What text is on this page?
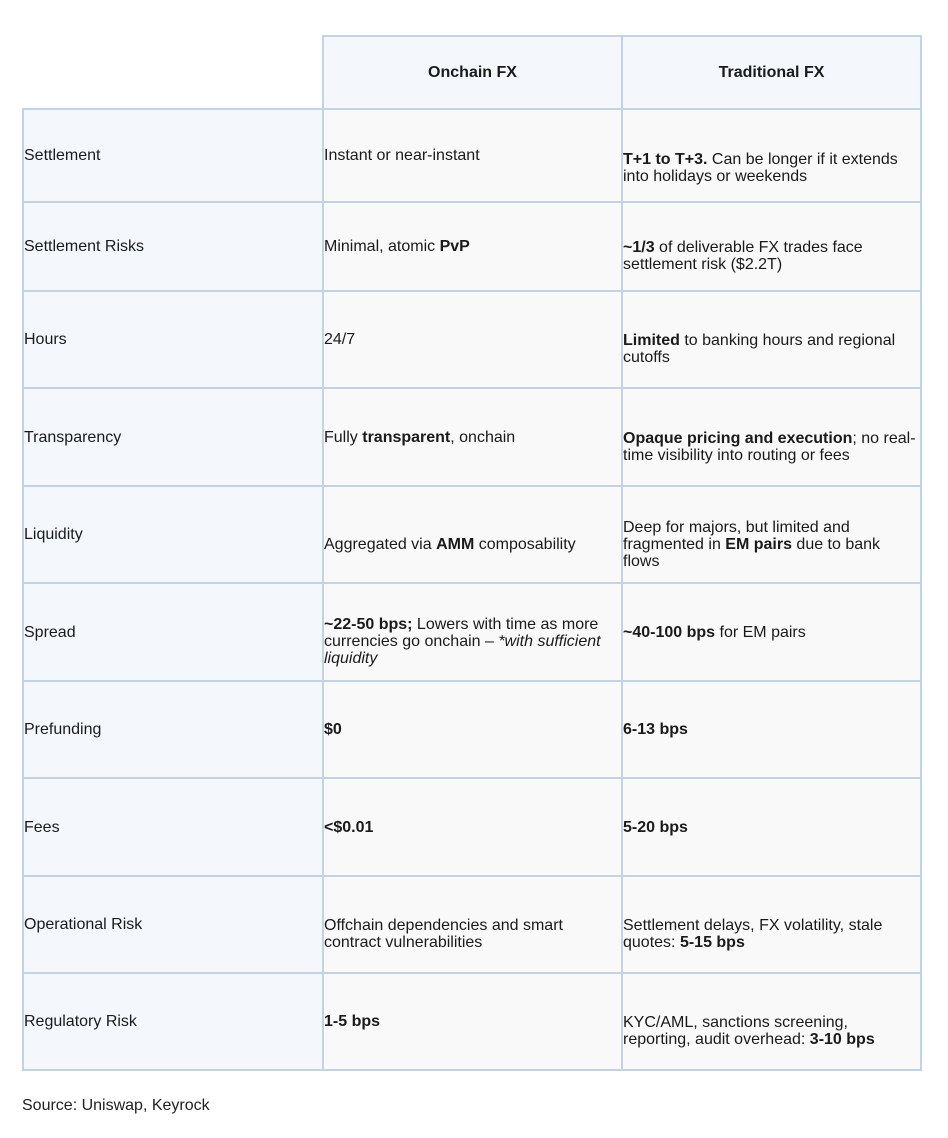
	Onchain FX	Traditional FX
Settlement	Instant or near-instant	T+1 to T+3. Can be longer if it extends into holidays or weekends

Settlement Risks	Minimal, atomic PvP	~1/3 of deliverable FX trades face settlement risk ($2.2T)

Hours	24/7	Limited to banking hours and regional cutoffs

Transparency	Fully transparent, onchain	Opaque pricing and execution; no real-time visibility into routing or fees

Liquidity	Aggregated via AMM composability	Deep for majors, but limited and fragmented in EM pairs due to bank flows

Spread	~22-50 bps; Lowers with time as more currencies go onchain – *with sufficient liquidity	~40-100 bps for EM pairs

Prefunding	$0	6-13 bps

Fees	<$0.01	5-20 bps

Operational Risk	Offchain dependencies and smart contract vulnerabilities	Settlement delays, FX volatility, stale quotes: 5-15 bps

Regulatory Risk	1-5 bps	KYC/AML, sanctions screening, reporting, audit overhead: 3-10 bps
Source: Uniswap, Keyrock
